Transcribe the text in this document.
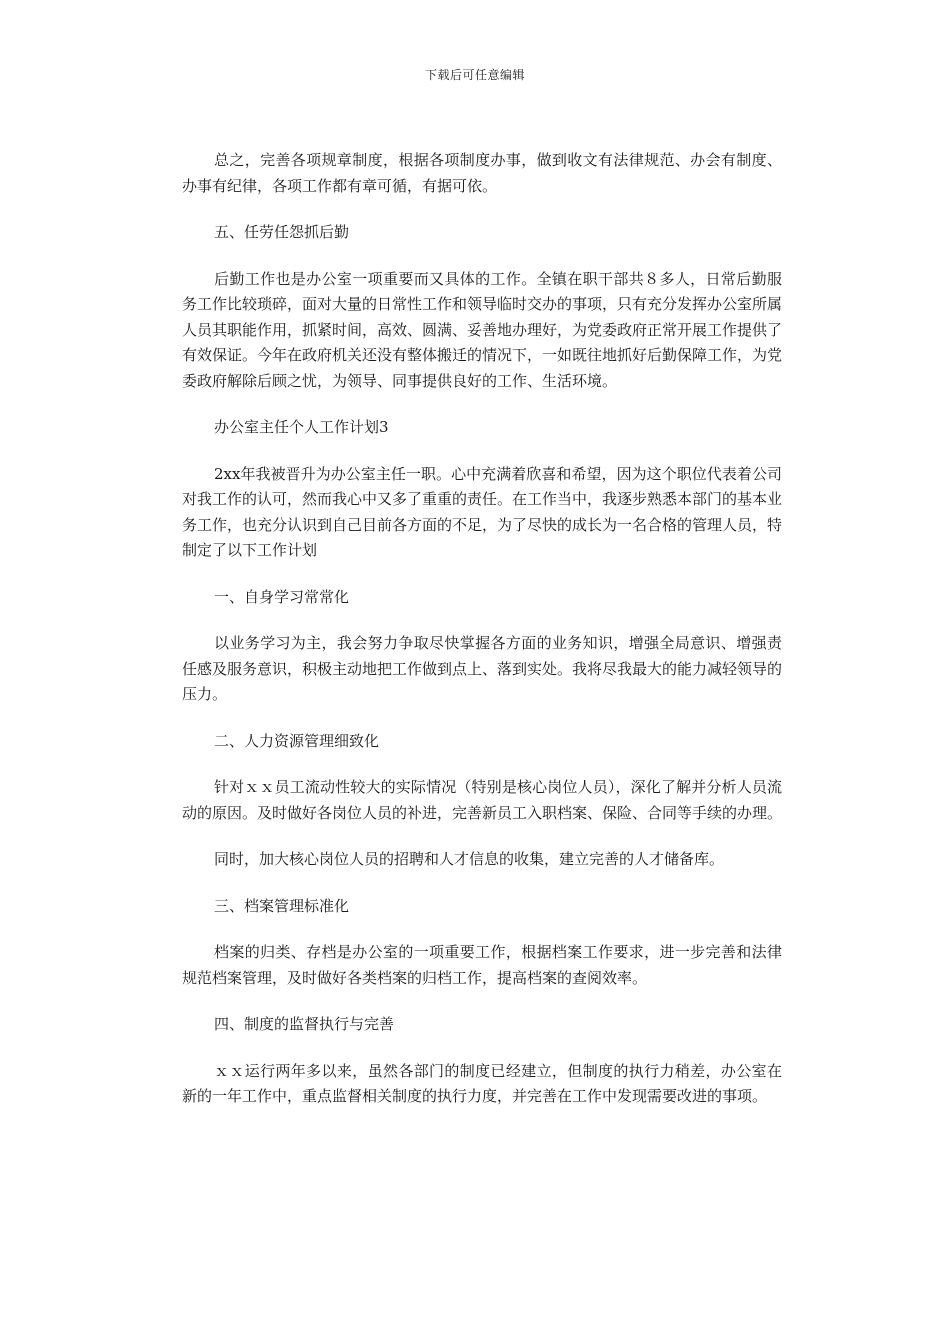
下载后可任意编辑

总之，完善各项规章制度，根据各项制度办事，做到收文有法律规范、办会有制度、办事有纪律，各项工作都有章可循，有据可依。

五、任劳任怨抓后勤

后勤工作也是办公室一项重要而又具体的工作。全镇在职干部共８多人，日常后勤服务工作比较琐碎，面对大量的日常性工作和领导临时交办的事项，只有充分发挥办公室所属人员其职能作用，抓紧时间，高效、圆满、妥善地办理好，为党委政府正常开展工作提供了有效保证。今年在政府机关还没有整体搬迁的情况下，一如既往地抓好后勤保障工作，为党委政府解除后顾之忧，为领导、同事提供良好的工作、生活环境。

办公室主任个人工作计划3

2xx年我被晋升为办公室主任一职。心中充满着欣喜和希望，因为这个职位代表着公司对我工作的认可，然而我心中又多了重重的责任。在工作当中，我逐步熟悉本部门的基本业务工作，也充分认识到自己目前各方面的不足，为了尽快的成长为一名合格的管理人员，特制定了以下工作计划

一、自身学习常常化

以业务学习为主，我会努力争取尽快掌握各方面的业务知识，增强全局意识、增强责任感及服务意识，积极主动地把工作做到点上、落到实处。我将尽我最大的能力减轻领导的压力。

二、人力资源管理细致化

针对ｘｘ员工流动性较大的实际情况（特别是核心岗位人员），深化了解并分析人员流动的原因。及时做好各岗位人员的补进，完善新员工入职档案、保险、合同等手续的办理。

同时，加大核心岗位人员的招聘和人才信息的收集，建立完善的人才储备库。

三、档案管理标准化

档案的归类、存档是办公室的一项重要工作，根据档案工作要求，进一步完善和法律规范档案管理，及时做好各类档案的归档工作，提高档案的查阅效率。

四、制度的监督执行与完善

ｘｘ运行两年多以来，虽然各部门的制度已经建立，但制度的执行力稍差，办公室在新的一年工作中，重点监督相关制度的执行力度，并完善在工作中发现需要改进的事项。
